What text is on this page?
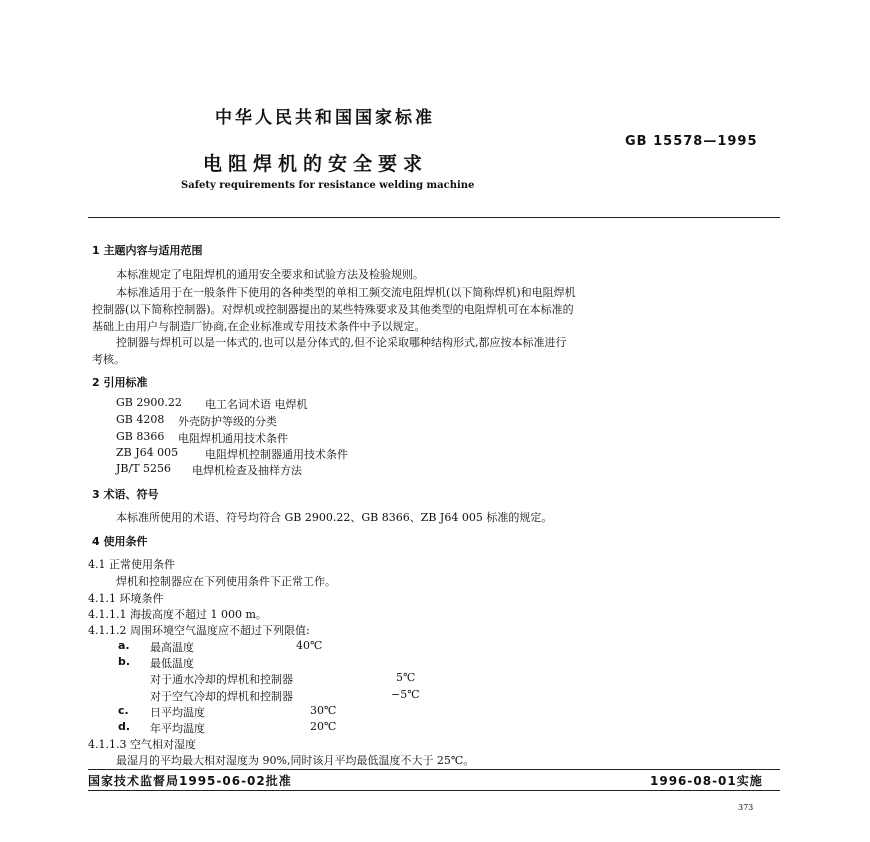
中华人民共和国国家标准
GB 15578—1995
电阻焊机的安全要求
Safety requirements for resistance welding machine
1 主题内容与适用范围
本标准规定了电阻焊机的通用安全要求和试验方法及检验规则。
本标准适用于在一般条件下使用的各种类型的单相工频交流电阻焊机(以下简称焊机)和电阻焊机
控制器(以下简称控制器)。对焊机或控制器提出的某些特殊要求及其他类型的电阻焊机可在本标准的
基础上由用户与制造厂协商,在企业标准或专用技术条件中予以规定。
控制器与焊机可以是一体式的,也可以是分体式的,但不论采取哪种结构形式,都应按本标准进行
考核。
2 引用标准
GB 2900.22 电工名词术语 电焊机
GB 4208 外壳防护等级的分类
GB 8366 电阻焊机通用技术条件
ZB J64 005 电阻焊机控制器通用技术条件
JB/T 5256 电焊机检查及抽样方法
3 术语、符号
本标准所使用的术语、符号均符合 GB 2900.22、GB 8366、ZB J64 005 标准的规定。
4 使用条件
4.1 正常使用条件
焊机和控制器应在下列使用条件下正常工作。
4.1.1 环境条件
4.1.1.1 海拔高度不超过 1 000 m。
4.1.1.2 周围环境空气温度应不超过下列限值:
a. 最高温度	40℃
b. 最低温度
对于通水冷却的焊机和控制器	5℃
对于空气冷却的焊机和控制器	−5℃
c. 日平均温度	30℃
d. 年平均温度	20℃
4.1.1.3 空气相对湿度
最湿月的平均最大相对湿度为 90%,同时该月平均最低温度不大于 25℃。
国家技术监督局1995-06-02批准	1996-08-01实施
373
